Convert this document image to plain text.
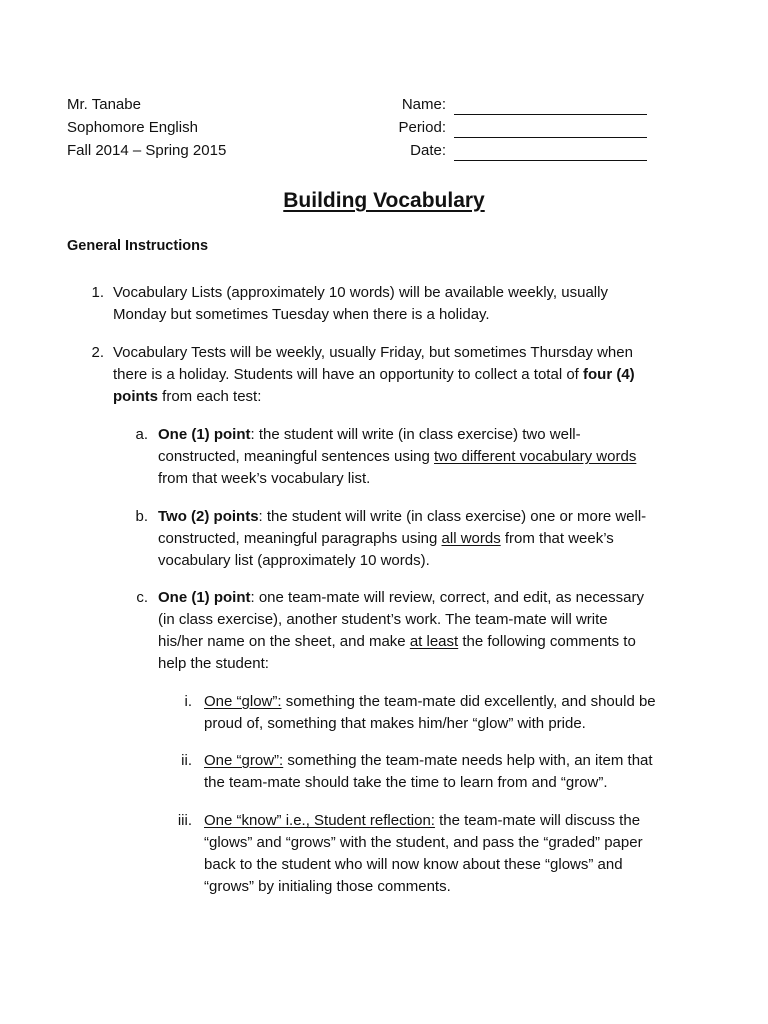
Mr. Tanabe
Sophomore English
Fall 2014 – Spring 2015
Name:
Period:
Date:
Building Vocabulary
General Instructions
1. Vocabulary Lists (approximately 10 words) will be available weekly, usually
Monday but sometimes Tuesday when there is a holiday.
2. Vocabulary Tests will be weekly, usually Friday, but sometimes Thursday when
there is a holiday. Students will have an opportunity to collect a total of four (4)
points from each test:
a. One (1) point: the student will write (in class exercise) two well-
constructed, meaningful sentences using two different vocabulary words
from that week’s vocabulary list.
b. Two (2) points: the student will write (in class exercise) one or more well-
constructed, meaningful paragraphs using all words from that week’s
vocabulary list (approximately 10 words).
c. One (1) point: one team-mate will review, correct, and edit, as necessary
(in class exercise), another student’s work. The team-mate will write
his/her name on the sheet, and make at least the following comments to
help the student:
i. One “glow”: something the team-mate did excellently, and should be
proud of, something that makes him/her “glow” with pride.
ii. One “grow”: something the team-mate needs help with, an item that
the team-mate should take the time to learn from and “grow”.
iii. One “know” i.e., Student reflection: the team-mate will discuss the
“glows” and “grows” with the student, and pass the “graded” paper
back to the student who will now know about these “glows” and
“grows” by initialing those comments.
